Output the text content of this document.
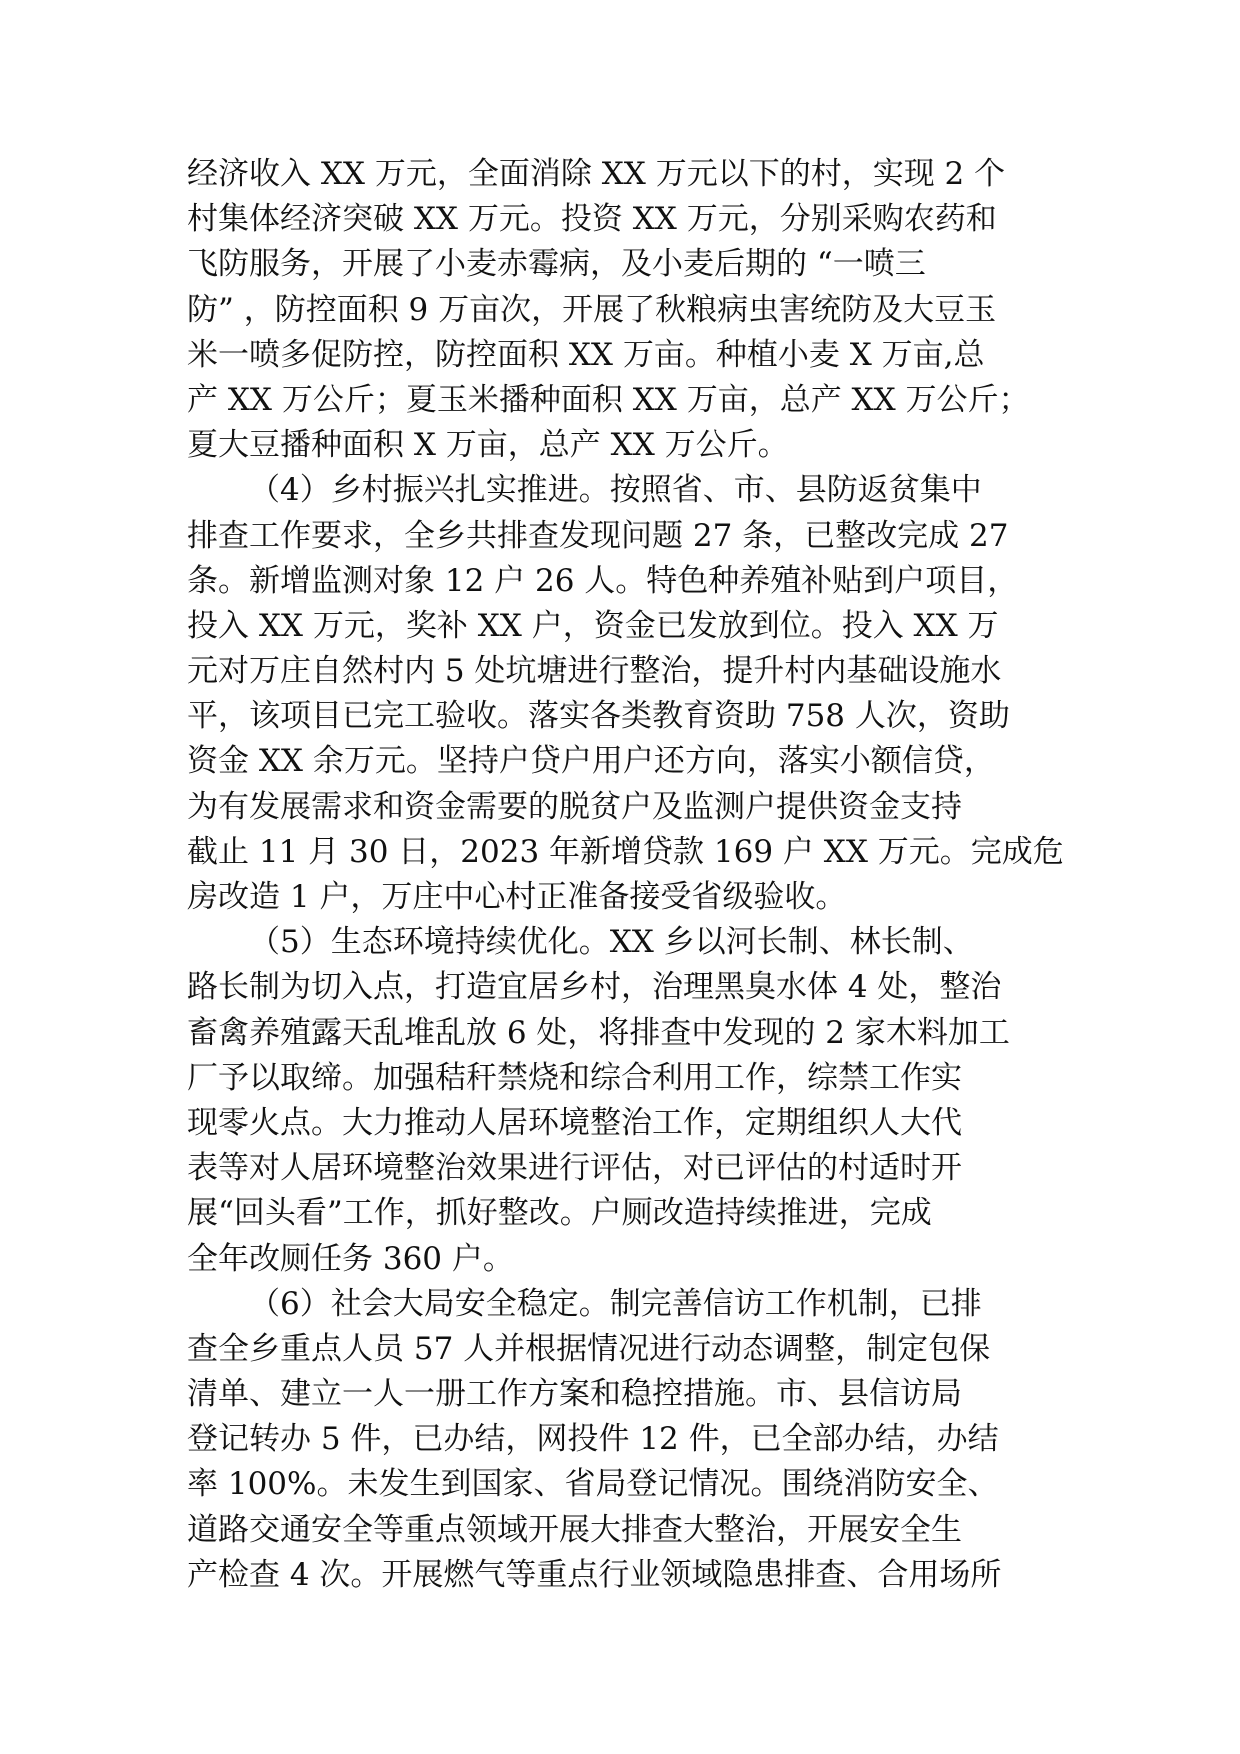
经济收入 XX 万元，全面消除 XX 万元以下的村，实现 2 个
村集体经济突破 XX 万元。投资 XX 万元，分别采购农药和
飞防服务，开展了小麦赤霉病，及小麦后期的 “一喷三
防” ，防控面积 9 万亩次，开展了秋粮病虫害统防及大豆玉
米一喷多促防控，防控面积 XX 万亩。种植小麦 X 万亩,总
产 XX 万公斤；夏玉米播种面积 XX 万亩，总产 XX 万公斤；
夏大豆播种面积 X 万亩，总产 XX 万公斤。
（4）乡村振兴扎实推进。按照省、市、县防返贫集中
排查工作要求，全乡共排查发现问题 27 条，已整改完成 27
条。新增监测对象 12 户 26 人。特色种养殖补贴到户项目，
投入 XX 万元，奖补 XX 户，资金已发放到位。投入 XX 万
元对万庄自然村内 5 处坑塘进行整治，提升村内基础设施水
平，该项目已完工验收。落实各类教育资助 758 人次，资助
资金 XX 余万元。坚持户贷户用户还方向，落实小额信贷，
为有发展需求和资金需要的脱贫户及监测户提供资金支持
截止 11 月 30 日，2023 年新增贷款 169 户 XX 万元。完成危
房改造 1 户，万庄中心村正准备接受省级验收。
（5）生态环境持续优化。XX 乡以河长制、林长制、
路长制为切入点，打造宜居乡村，治理黑臭水体 4 处，整治
畜禽养殖露天乱堆乱放 6 处，将排查中发现的 2 家木料加工
厂予以取缔。加强秸秆禁烧和综合利用工作，综禁工作实
现零火点。大力推动人居环境整治工作，定期组织人大代
表等对人居环境整治效果进行评估，对已评估的村适时开
展“回头看”工作，抓好整改。户厕改造持续推进，完成
全年改厕任务 360 户。
（6）社会大局安全稳定。制完善信访工作机制，已排
查全乡重点人员 57 人并根据情况进行动态调整，制定包保
清单、建立一人一册工作方案和稳控措施。市、县信访局
登记转办 5 件，已办结，网投件 12 件，已全部办结，办结
率 100%。未发生到国家、省局登记情况。围绕消防安全、
道路交通安全等重点领域开展大排查大整治，开展安全生
产检查 4 次。开展燃气等重点行业领域隐患排查、合用场所
